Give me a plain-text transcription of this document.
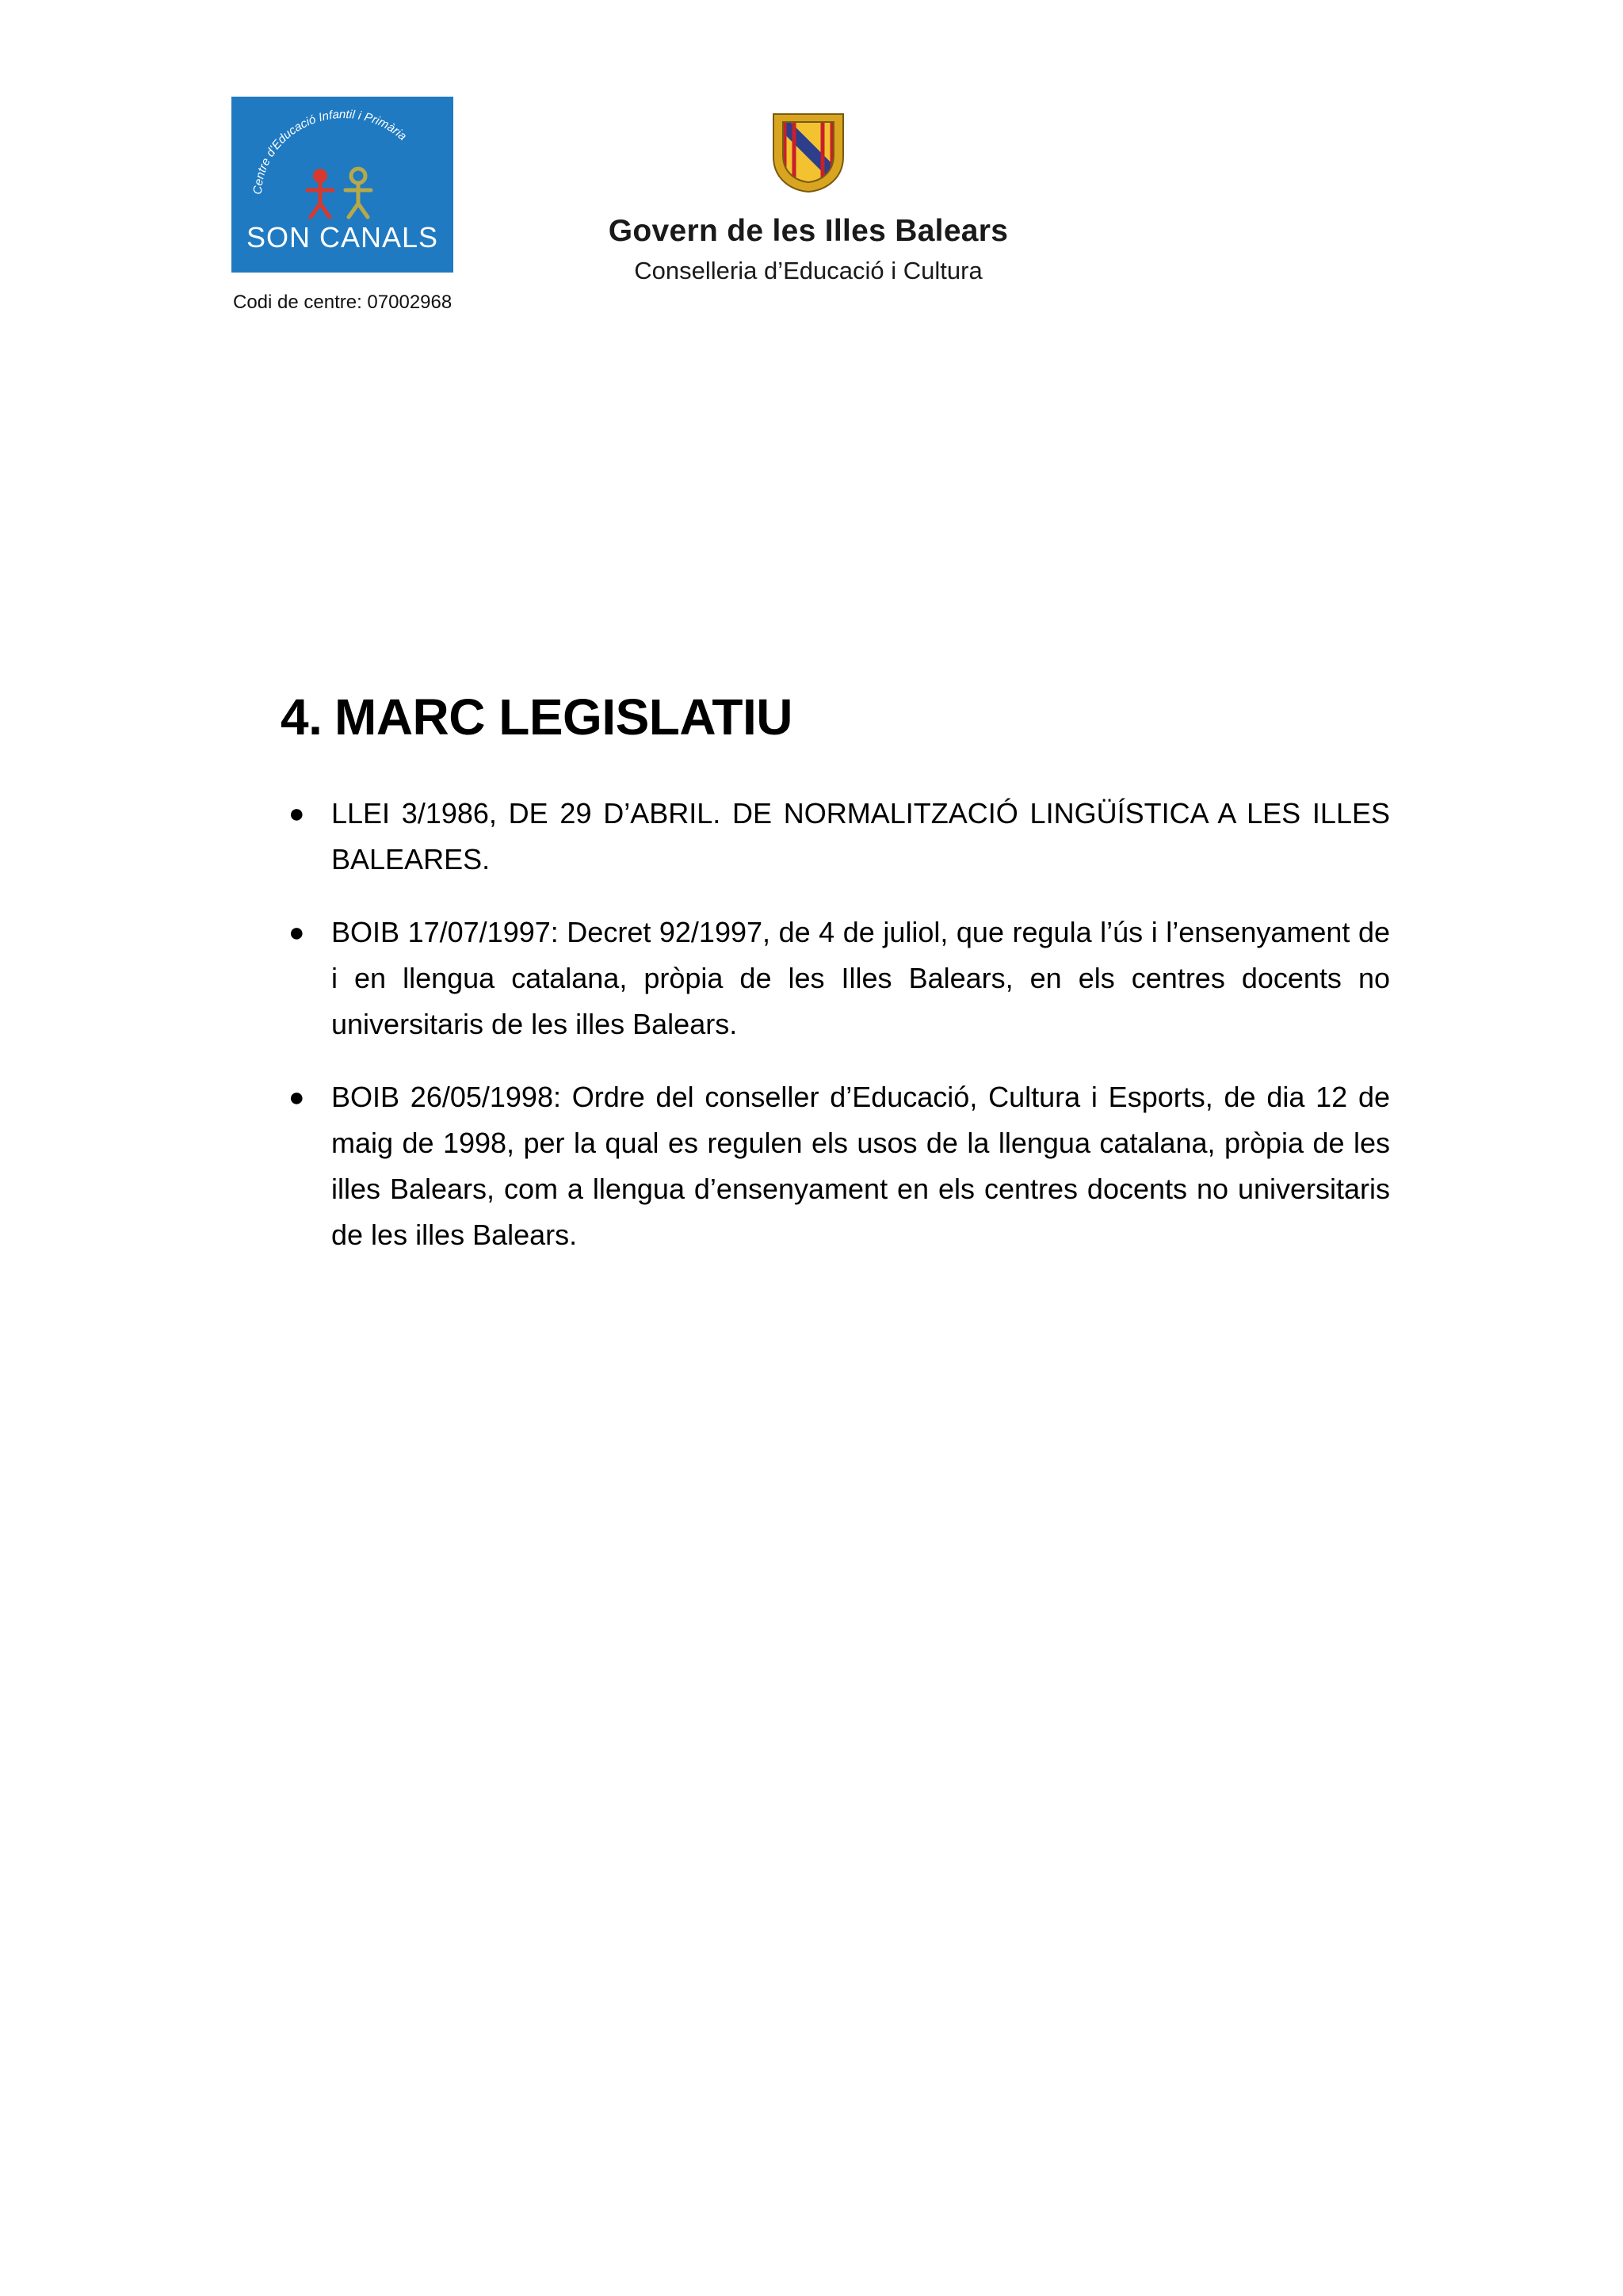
Centre d'Educació Infantil i Primària
SON CANALS
Codi de centre: 07002968
Govern de les Illes Balears
Conselleria d’Educació i Cultura
4. MARC LEGISLATIU
● LLEI 3/1986, DE 29 D’ABRIL. DE NORMALITZACIÓ LINGÜÍSTICA A LES ILLES BALEARES.
● BOIB 17/07/1997: Decret 92/1997, de 4 de juliol, que regula l’ús i l’ensenyament de i en llengua catalana, pròpia de les Illes Balears, en els centres docents no universitaris de les illes Balears.
● BOIB 26/05/1998: Ordre del conseller d’Educació, Cultura i Esports, de dia 12 de maig de 1998, per la qual es regulen els usos de la llengua catalana, pròpia de les illes Balears, com a llengua d’ensenyament en els centres docents no universitaris de les illes Balears.
